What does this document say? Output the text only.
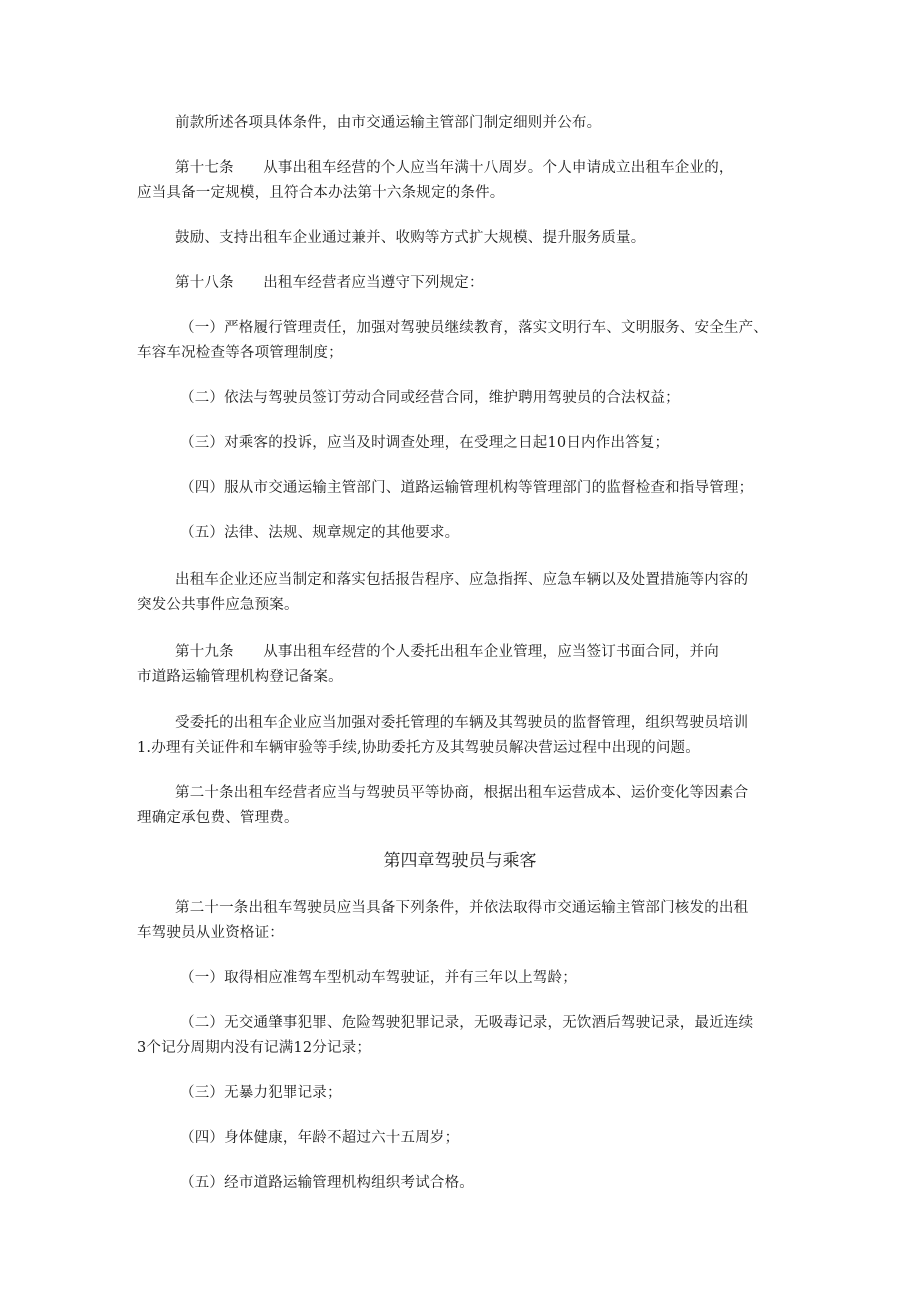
前款所述各项具体条件，由市交通运输主管部门制定细则并公布。
第十七条　　从事出租车经营的个人应当年满十八周岁。个人申请成立出租车企业的，
应当具备一定规模，且符合本办法第十六条规定的条件。
鼓励、支持出租车企业通过兼并、收购等方式扩大规模、提升服务质量。
第十八条　　出租车经营者应当遵守下列规定：
（一）严格履行管理责任，加强对驾驶员继续教育，落实文明行车、文明服务、安全生产、
车容车况检查等各项管理制度；
（二）依法与驾驶员签订劳动合同或经营合同，维护聘用驾驶员的合法权益；
（三）对乘客的投诉，应当及时调查处理，在受理之日起10日内作出答复；
（四）服从市交通运输主管部门、道路运输管理机构等管理部门的监督检查和指导管理；
（五）法律、法规、规章规定的其他要求。
出租车企业还应当制定和落实包括报告程序、应急指挥、应急车辆以及处置措施等内容的
突发公共事件应急预案。
第十九条　　从事出租车经营的个人委托出租车企业管理，应当签订书面合同，并向
市道路运输管理机构登记备案。
受委托的出租车企业应当加强对委托管理的车辆及其驾驶员的监督管理，组织驾驶员培训
1.办理有关证件和车辆审验等手续,协助委托方及其驾驶员解决营运过程中出现的问题。
第二十条出租车经营者应当与驾驶员平等协商，根据出租车运营成本、运价变化等因素合
理确定承包费、管理费。
第四章驾驶员与乘客
第二十一条出租车驾驶员应当具备下列条件，并依法取得市交通运输主管部门核发的出租
车驾驶员从业资格证：
（一）取得相应准驾车型机动车驾驶证，并有三年以上驾龄；
（二）无交通肇事犯罪、危险驾驶犯罪记录，无吸毒记录，无饮酒后驾驶记录，最近连续
3个记分周期内没有记满12分记录；
（三）无暴力犯罪记录；
（四）身体健康，年龄不超过六十五周岁；
（五）经市道路运输管理机构组织考试合格。
